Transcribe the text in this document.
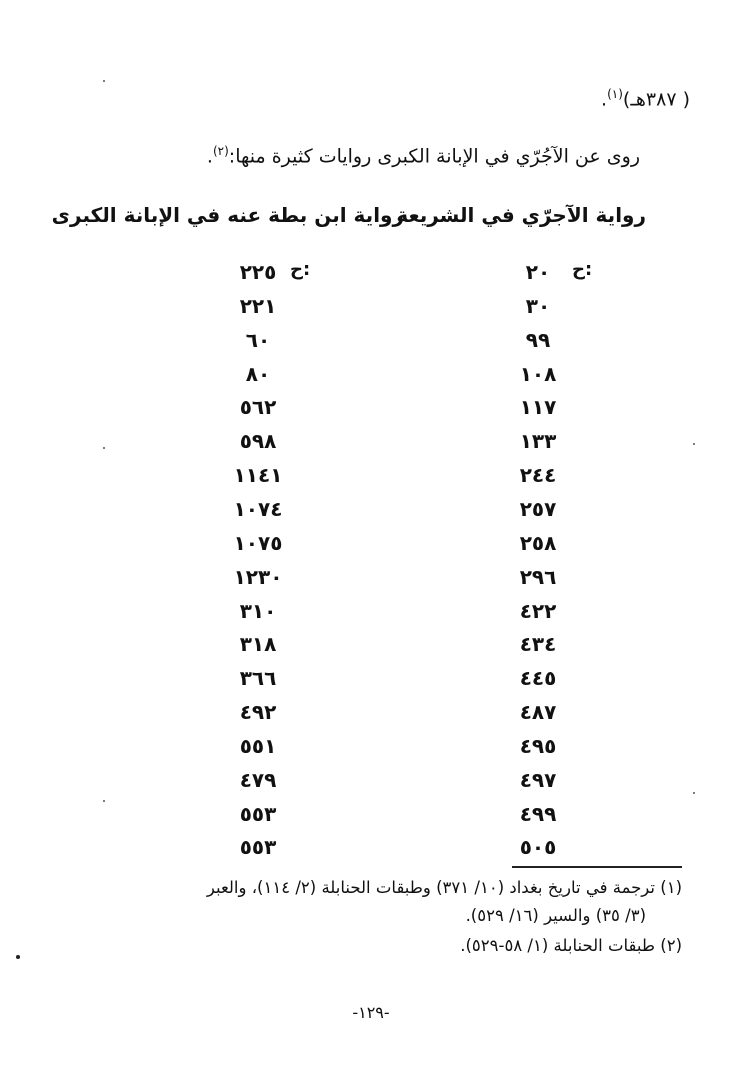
( ٣٨٧هـ)$^{(١)}$.
روى عن الآجُرّي في الإبانة الكبرى روايات كثيرة منها:$^{(٢)}$.
رواية الآجرّي في الشريعة
رواية ابن بطة عنه في الإبانة الكبرى
ح:
ح:	٢٠
٢٢٥
٣٠
٢٢١
٩٩
٦٠
١٠٨
٨٠
١١٧
٥٦٢
١٣٣
٥٩٨
٢٤٤
١١٤١
٢٥٧
١٠٧٤
٢٥٨
١٠٧٥
٢٩٦
١٢٣٠
٤٢٢
٣١٠
٤٣٤
٣١٨
٤٤٥
٣٦٦
٤٨٧
٤٩٢
٤٩٥
٥٥١
٤٩٧
٤٧٩
٤٩٩
٥٥٣
٥٠٥
٥٥٣
(١) ترجمة في تاريخ بغداد (١٠/ ٣٧١) وطبقات الحنابلة (٢/ ١١٤)، والعبر
(٣/ ٣٥) والسير (١٦/ ٥٢٩).
(٢) طبقات الحنابلة (١/ ٥٨-٥٢٩).
-١٢٩-
